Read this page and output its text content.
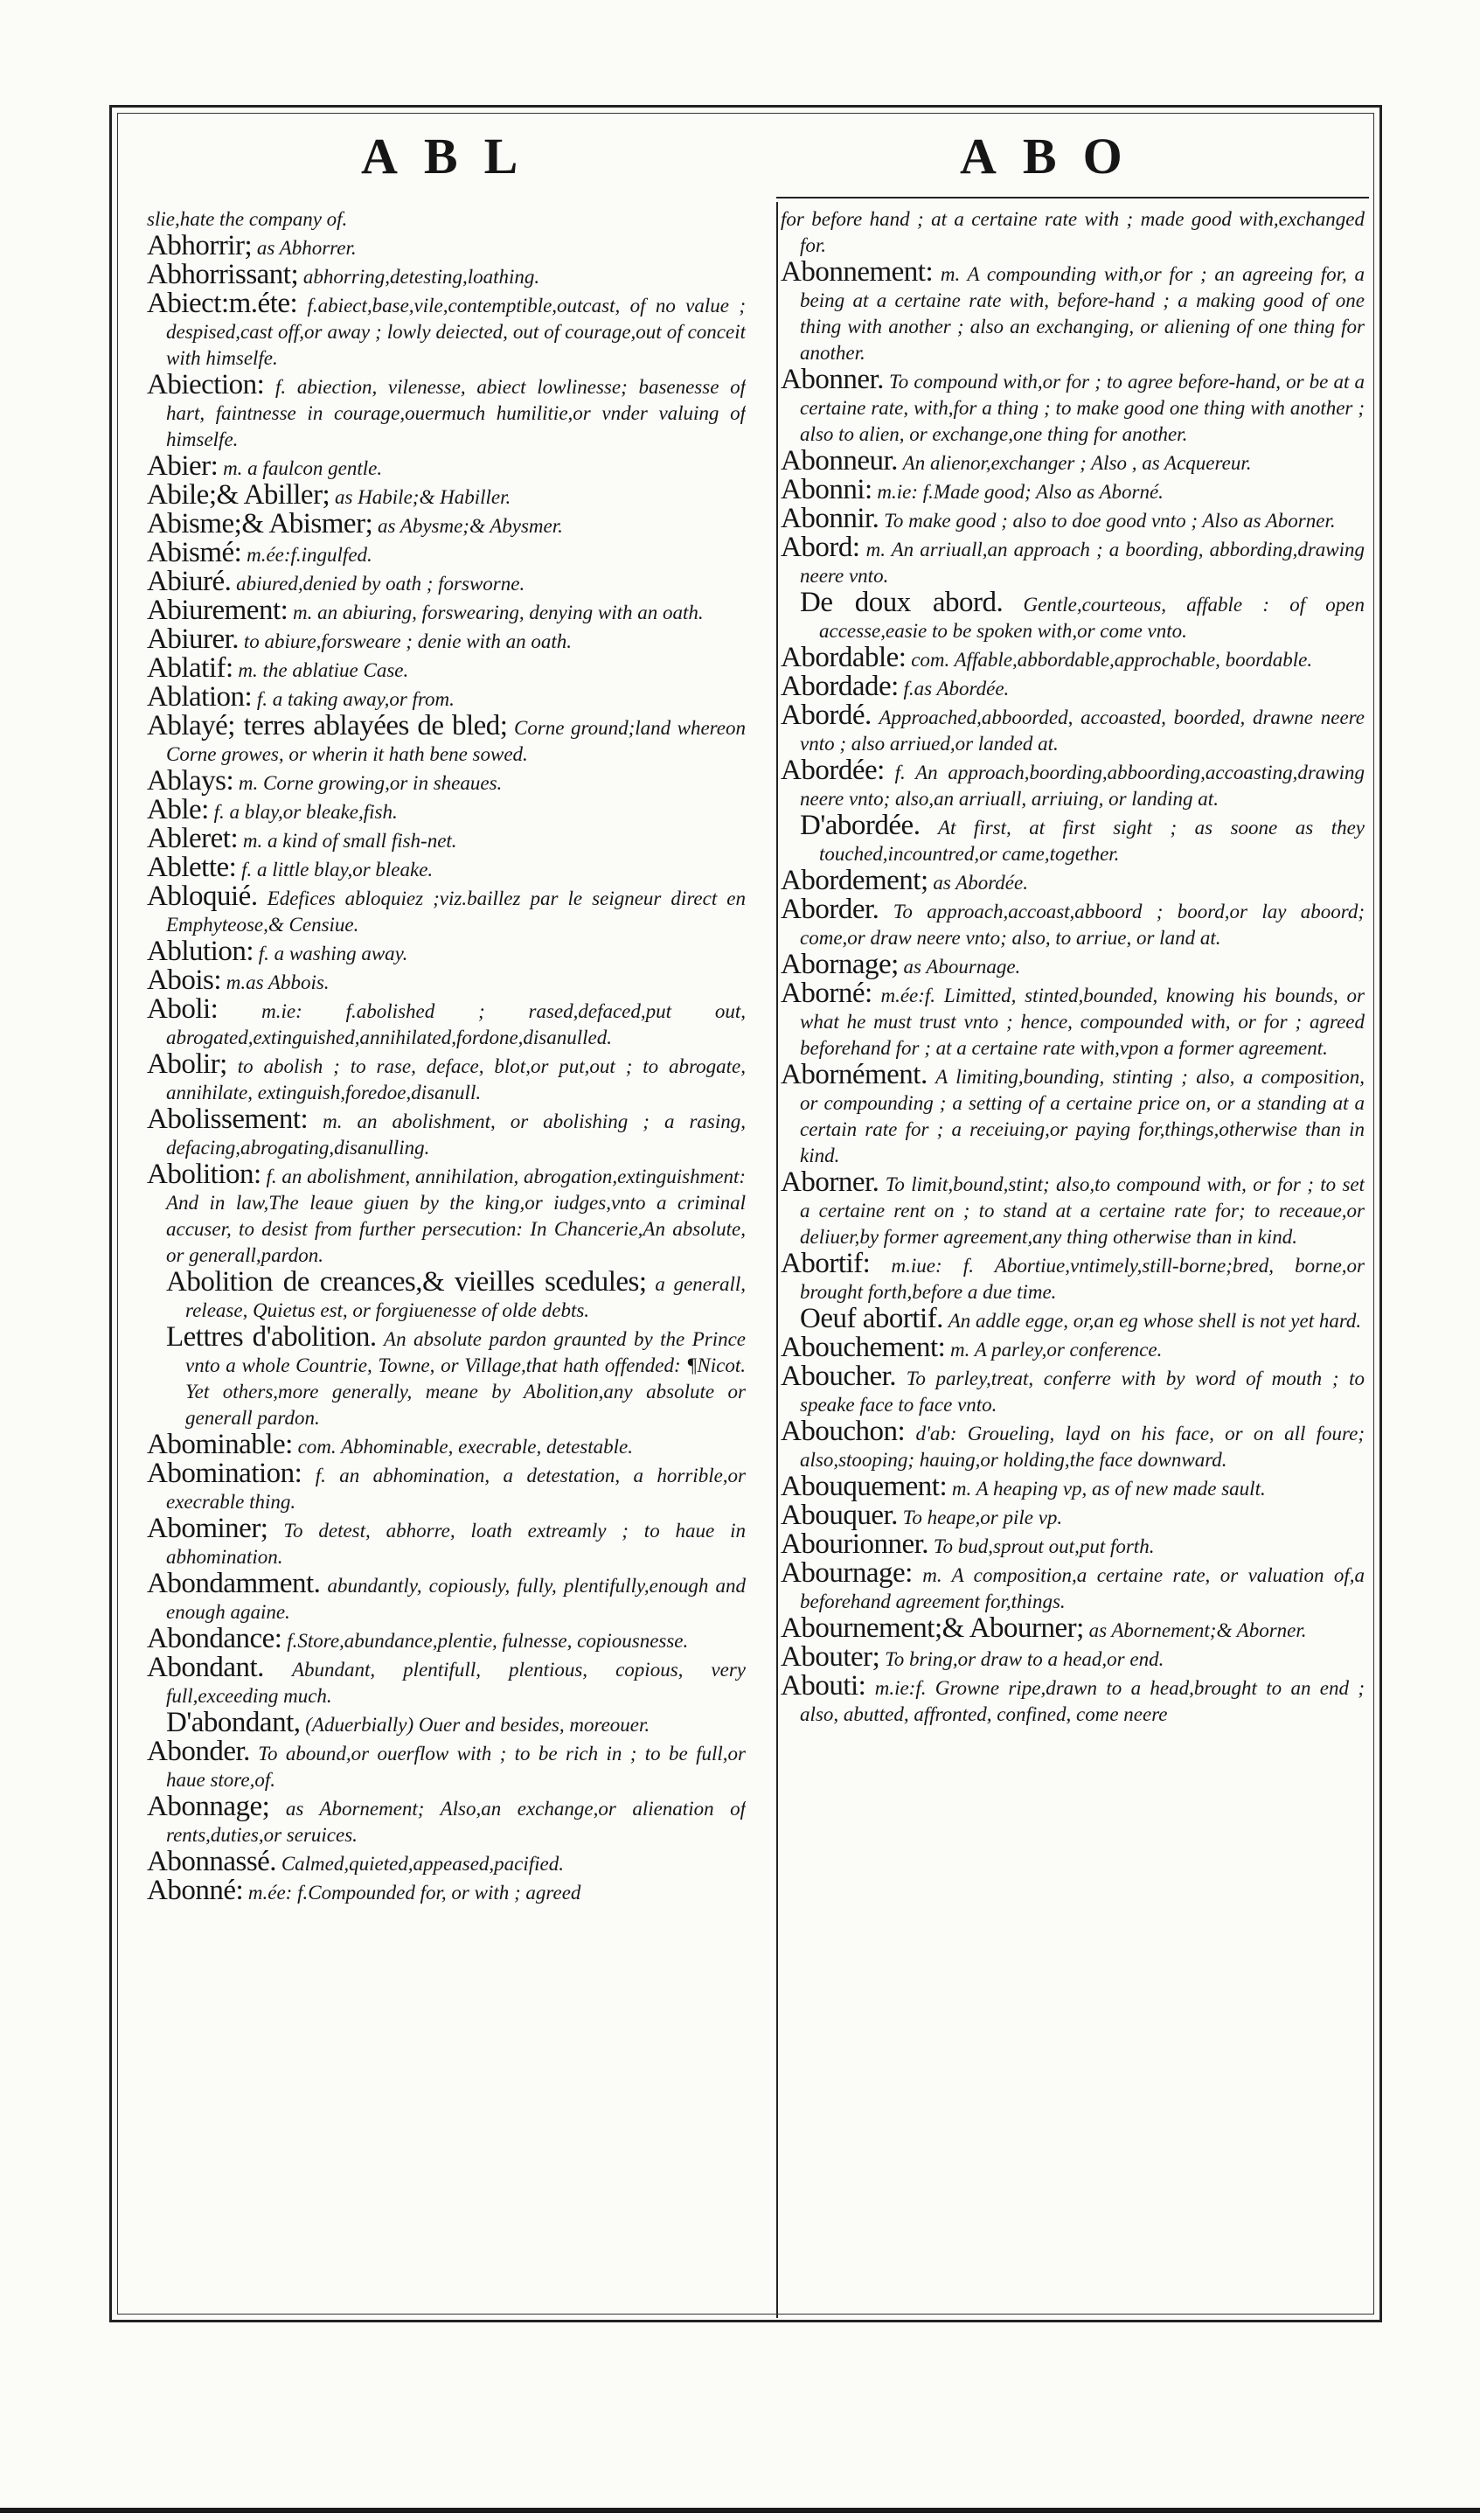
ABL	ABO

slie,hate the company of.

Abhorrir; as Abhorrer.

Abhorrissant; abhorring,detesting,loathing.

Abiect:m.éte: f.abiect,base,vile,contemptible,outcast, of no value ; despised,cast off,or away ; lowly deiected, out of courage,out of conceit with himselfe.

Abiection: f. abiection, vilenesse, abiect lowlinesse; basenesse of hart, faintnesse in courage,ouermuch humilitie,or vnder valuing of himselfe.

Abier: m. a faulcon gentle.

Abile;& Abiller; as Habile;& Habiller.

Abisme;& Abismer; as Abysme;& Abysmer.

Abismé: m.ée:f.ingulfed.

Abiuré. abiured,denied by oath ; forsworne.

Abiurement: m. an abiuring, forswearing, denying with an oath.

Abiurer. to abiure,forsweare ; denie with an oath.

Ablatif: m. the ablatiue Case.

Ablation: f. a taking away,or from.

Ablayé; terres ablayées de bled; Corne ground;land whereon Corne growes, or wherin it hath bene sowed.

Ablays: m. Corne growing,or in sheaues.

Able: f. a blay,or bleake,fish.

Ableret: m. a kind of small fish-net.

Ablette: f. a little blay,or bleake.

Abloquié. Edefices abloquiez ;viz.baillez par le seigneur direct en Emphyteose,& Censiue.

Ablution: f. a washing away.

Abois: m.as Abbois.

Aboli: m.ie: f.abolished ; rased,defaced,put out, abrogated,extinguished,annihilated,fordone,disanulled.

Abolir; to abolish ; to rase, deface, blot,or put,out ; to abrogate, annihilate, extinguish,foredoe,disanull.

Abolissement: m. an abolishment, or abolishing ; a rasing, defacing,abrogating,disanulling.

Abolition: f. an abolishment, annihilation, abrogation,extinguishment: And in law,The leaue giuen by the king,or iudges,vnto a criminal accuser, to desist from further persecution: In Chancerie,An absolute, or generall,pardon.

Abolition de creances,& vieilles scedules; a generall, release, Quietus est, or forgiuenesse of olde debts.

Lettres d'abolition. An absolute pardon graunted by the Prince vnto a whole Countrie, Towne, or Village,that hath offended: ¶Nicot. Yet others,more generally, meane by Abolition,any absolute or generall pardon.

Abominable: com. Abhominable, execrable, detestable.

Abomination: f. an abhomination, a detestation, a horrible,or execrable thing.

Abominer; To detest, abhorre, loath extreamly ; to haue in abhomination.

Abondamment. abundantly, copiously, fully, plentifully,enough and enough againe.

Abondance: f.Store,abundance,plentie, fulnesse, copiousnesse.

Abondant. Abundant, plentifull, plentious, copious, very full,exceeding much.

D'abondant, (Aduerbially) Ouer and besides, moreouer.

Abonder. To abound,or ouerflow with ; to be rich in ; to be full,or haue store,of.

Abonnage; as Abornement; Also,an exchange,or alienation of rents,duties,or seruices.

Abonnassé. Calmed,quieted,appeased,pacified.

Abonné: m.ée: f.Compounded for, or with ; agreed

for before hand ; at a certaine rate with ; made good with,exchanged for.

Abonnement: m. A compounding with,or for ; an agreeing for, a being at a certaine rate with, before-hand ; a making good of one thing with another ; also an exchanging, or aliening of one thing for another.

Abonner. To compound with,or for ; to agree before-hand, or be at a certaine rate, with,for a thing ; to make good one thing with another ; also to alien, or exchange,one thing for another.

Abonneur. An alienor,exchanger ; Also , as Acquereur.

Abonni: m.ie: f.Made good; Also as Aborné.

Abonnir. To make good ; also to doe good vnto ; Also as Aborner.

Abord: m. An arriuall,an approach ; a boording, abbording,drawing neere vnto.

De doux abord. Gentle,courteous, affable : of open accesse,easie to be spoken with,or come vnto.

Abordable: com. Affable,abbordable,approchable, boordable.

Abordade: f.as Abordée.

Abordé. Approached,abboorded, accoasted, boorded, drawne neere vnto ; also arriued,or landed at.

Abordée: f. An approach,boording,abboording,accoasting,drawing neere vnto; also,an arriuall, arriuing, or landing at.

D'abordée. At first, at first sight ; as soone as they touched,incountred,or came,together.

Abordement; as Abordée.

Aborder. To approach,accoast,abboord ; boord,or lay aboord; come,or draw neere vnto; also, to arriue, or land at.

Abornage; as Abournage.

Aborné: m.ée:f. Limitted, stinted,bounded, knowing his bounds, or what he must trust vnto ; hence, compounded with, or for ; agreed beforehand for ; at a certaine rate with,vpon a former agreement.

Abornément. A limiting,bounding, stinting ; also, a composition, or compounding ; a setting of a certaine price on, or a standing at a certain rate for ; a receiuing,or paying for,things,otherwise than in kind.

Aborner. To limit,bound,stint; also,to compound with, or for ; to set a certaine rent on ; to stand at a certaine rate for; to receaue,or deliuer,by former agreement,any thing otherwise than in kind.

Abortif: m.iue: f. Abortiue,vntimely,still-borne;bred, borne,or brought forth,before a due time.

Oeuf abortif. An addle egge, or,an eg whose shell is not yet hard.

Abouchement: m. A parley,or conference.

Aboucher. To parley,treat, conferre with by word of mouth ; to speake face to face vnto.

Abouchon: d'ab: Groueling, layd on his face, or on all foure; also,stooping; hauing,or holding,the face downward.

Abouquement: m. A heaping vp, as of new made sault.

Abouquer. To heape,or pile vp.

Abourionner. To bud,sprout out,put forth.

Abournage: m. A composition,a certaine rate, or valuation of,a beforehand agreement for,things.

Abournement;& Abourner; as Abornement;& Aborner.

Abouter; To bring,or draw to a head,or end.

Abouti: m.ie:f. Growne ripe,drawn to a head,brought to an end ; also, abutted, affronted, confined, come neere
